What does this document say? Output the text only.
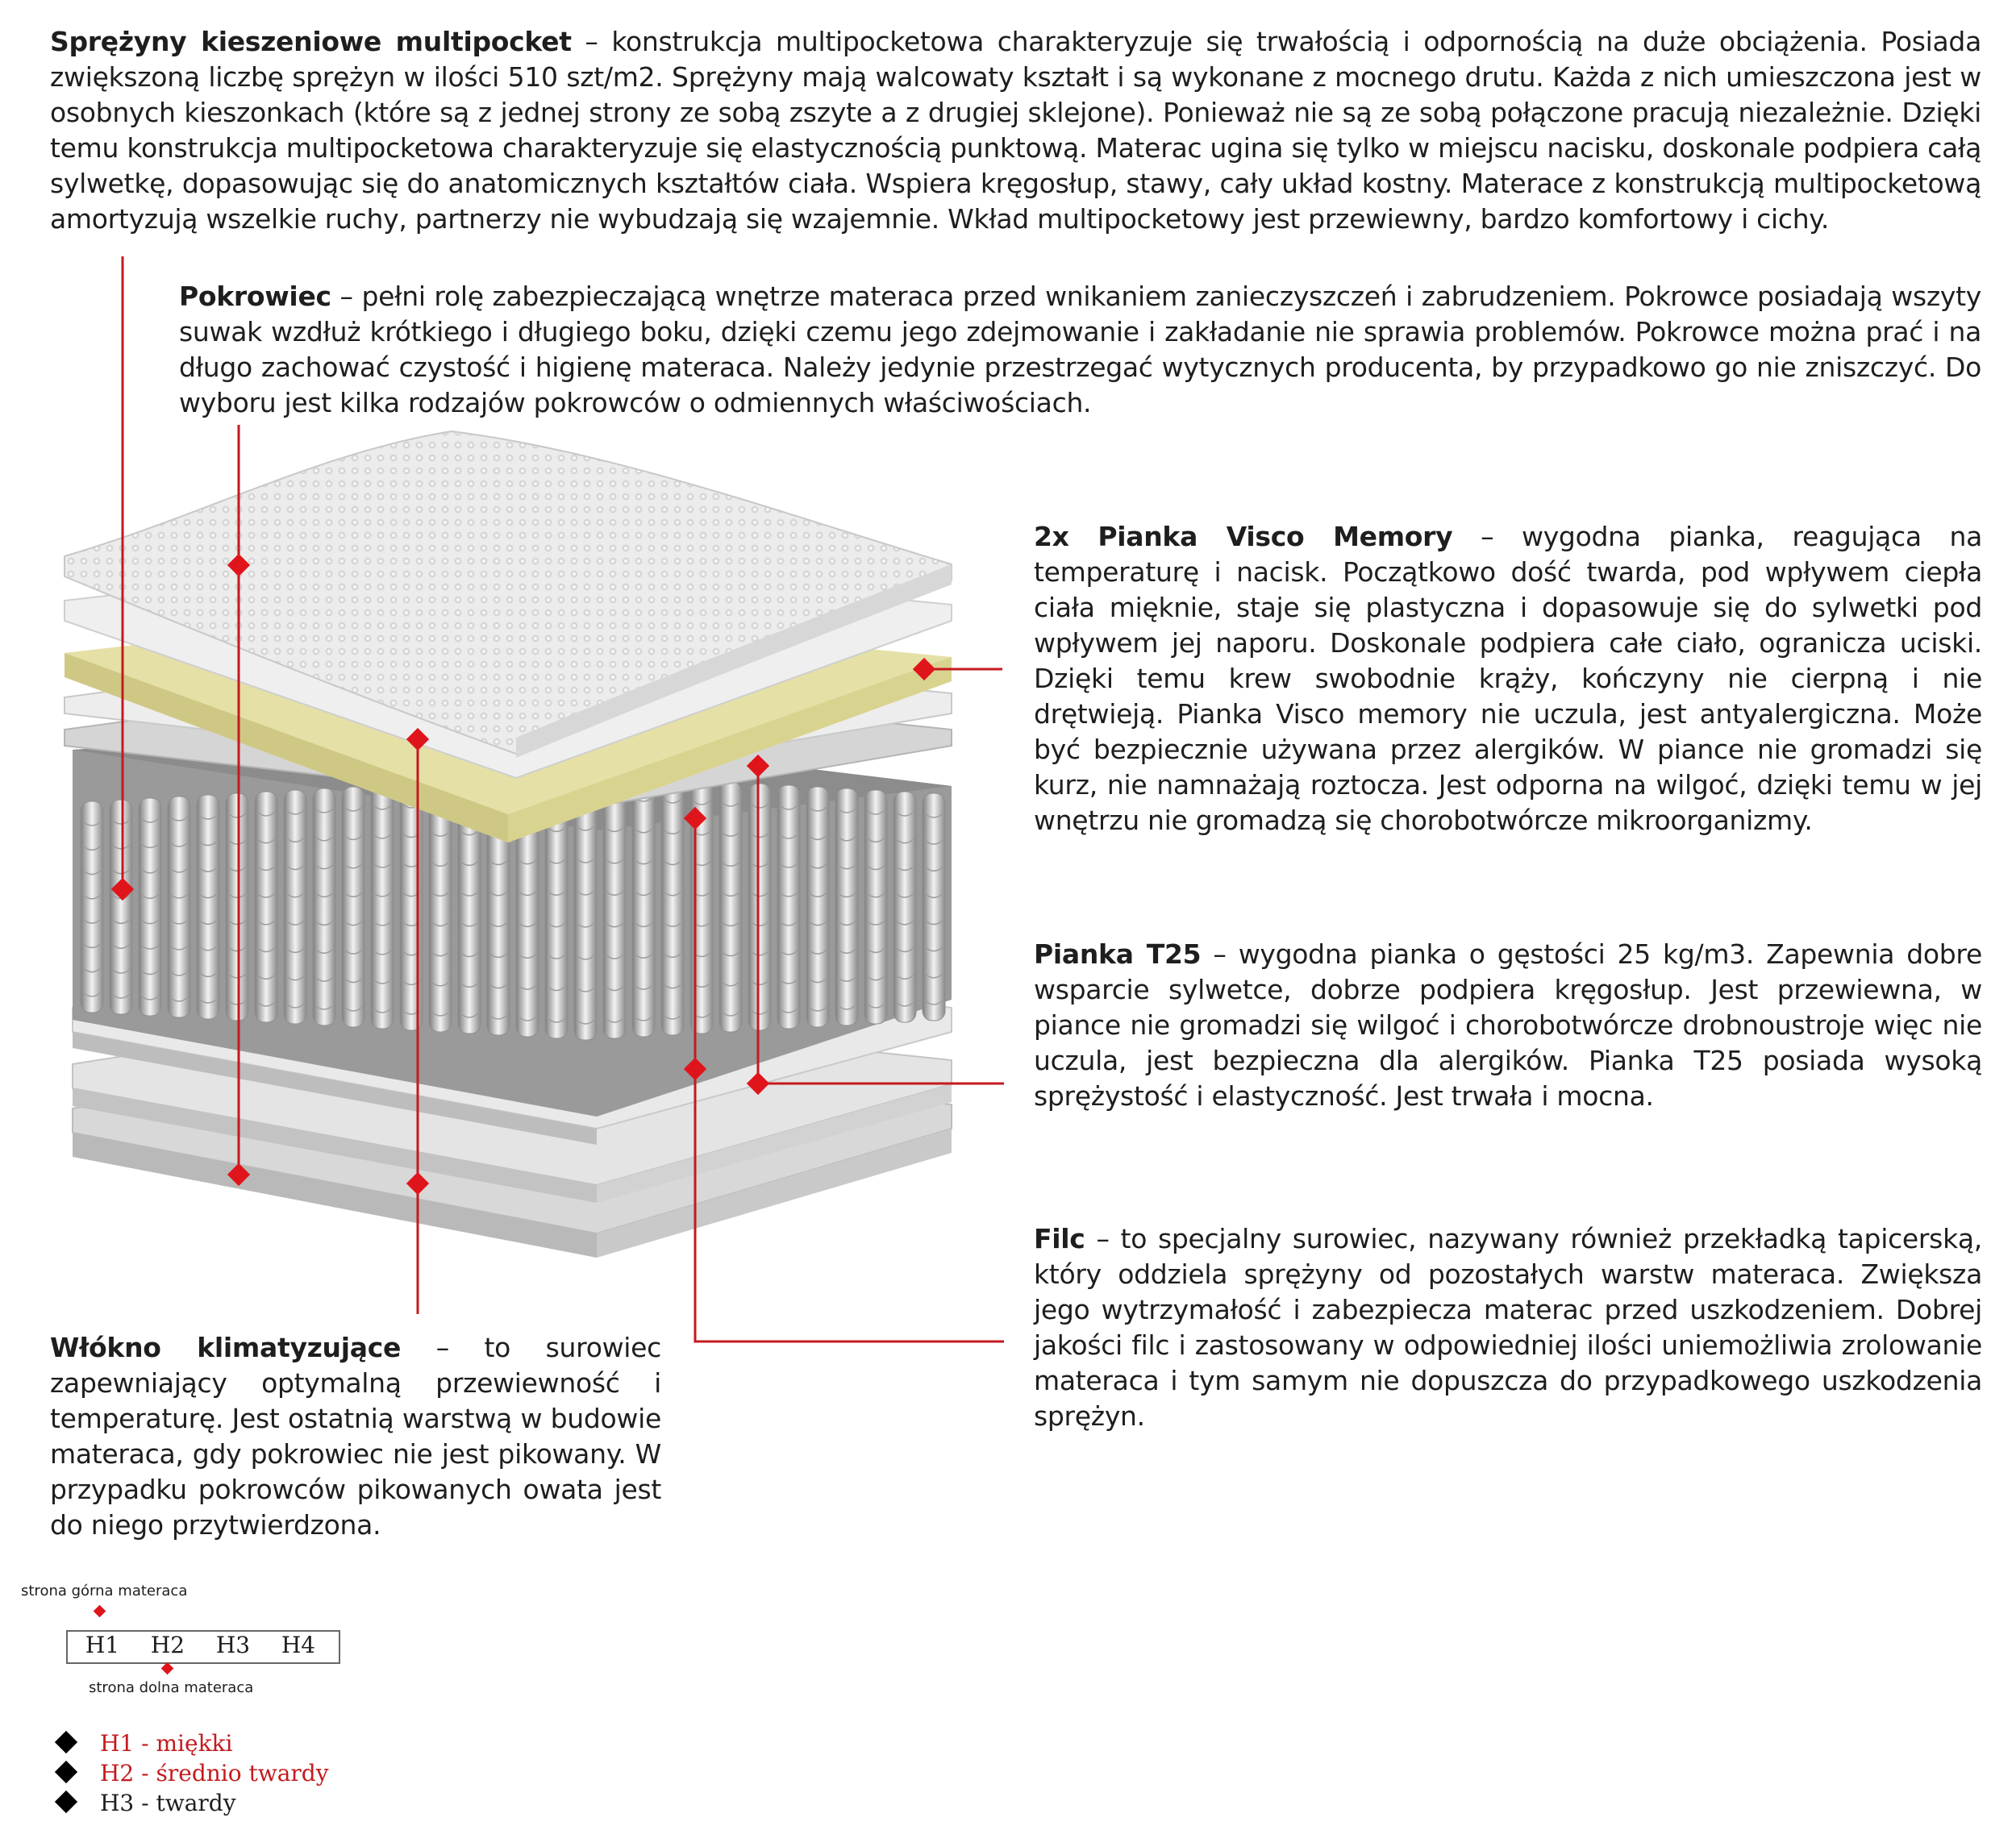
Sprężyny kieszeniowe multipocket – konstrukcja multipocketowa charakteryzuje się trwałością i odpornością na duże obciążenia. Posiada zwiększoną liczbę sprężyn w ilości 510 szt/m2. Sprężyny mają walcowaty kształt i są wykonane z mocnego drutu. Każda z nich umieszczona jest w osobnych kieszonkach (które są z jednej strony ze sobą zszyte a z drugiej sklejone). Ponieważ nie są ze sobą połączone pracują niezależnie. Dzięki temu konstrukcja multipocketowa charakteryzuje się elastycznością punktową. Materac ugina się tylko w miejscu nacisku, doskonale podpiera całą sylwetkę, dopasowując się do anatomicznych kształtów ciała. Wspiera kręgosłup, stawy, cały układ kostny. Materace z konstrukcją multipocketową amortyzują wszelkie ruchy, partnerzy nie wybudzają się wzajemnie. Wkład multipocketowy jest przewiewny, bardzo komfortowy i cichy.
Pokrowiec – pełni rolę zabezpieczającą wnętrze materaca przed wnikaniem zanieczyszczeń i zabrudzeniem. Pokrowce posiadają wszyty suwak wzdłuż krótkiego i długiego boku, dzięki czemu jego zdejmowanie i zakładanie nie sprawia problemów. Pokrowce można prać i na długo zachować czystość i higienę materaca. Należy jedynie przestrzegać wytycznych producenta, by przypadkowo go nie zniszczyć. Do wyboru jest kilka rodzajów pokrowców o odmiennych właściwościach.
2x Pianka Visco Memory – wygodna pianka, reagująca na temperaturę i nacisk. Początkowo dość twarda, pod wpływem ciepła ciała mięknie, staje się plastyczna i dopasowuje się do sylwetki pod wpływem jej naporu. Doskonale podpiera całe ciało, ogranicza uciski. Dzięki temu krew swobodnie krąży, kończyny nie cierpną i nie drętwieją. Pianka Visco memory nie uczula, jest antyalergiczna. Może być bezpiecznie używana przez alergików. W piance nie gromadzi się kurz, nie namnażają roztocza. Jest odporna na wilgoć, dzięki temu w jej wnętrzu nie gromadzą się chorobotwórcze mikroorganizmy.
Pianka T25 – wygodna pianka o gęstości 25 kg/m3. Zapewnia dobre wsparcie sylwetce, dobrze podpiera kręgosłup. Jest przewiewna, w piance nie gromadzi się wilgoć i chorobotwórcze drobnoustroje więc nie uczula, jest bezpieczna dla alergików. Pianka T25 posiada wysoką sprężystość i elastyczność. Jest trwała i mocna.
Filc – to specjalny surowiec, nazywany również przekładką tapicerską, który oddziela sprężyny od pozostałych warstw materaca. Zwiększa jego wytrzymałość i zabezpiecza materac przed uszkodzeniem. Dobrej jakości filc i zastosowany w odpowiedniej ilości uniemożliwia zrolowanie materaca i tym samym nie dopuszcza do przypadkowego uszkodzenia sprężyn.
Włókno klimatyzujące – to surowiec zapewniający optymalną przewiewność i temperaturę. Jest ostatnią warstwą w budowie materaca, gdy pokrowiec nie jest pikowany. W przypadku pokrowców pikowanych owata jest do niego przytwierdzona.
strona górna materaca
H1	H2	H3	H4
strona dolna materaca
H1 - miękki
H2 - średnio twardy
H3 - twardy
